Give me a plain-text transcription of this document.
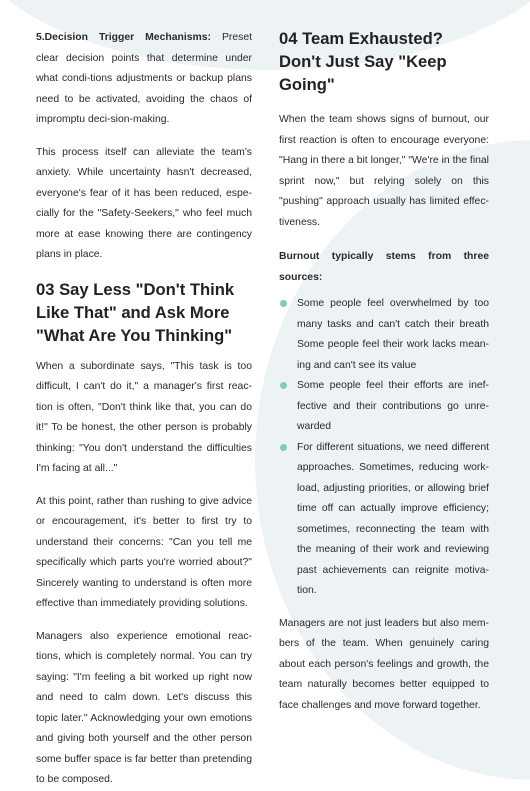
5.Decision Trigger Mechanisms: Preset clear decision points that determine under what condi-tions adjustments or backup plans need to be activated, avoiding the chaos of impromptu deci-sion-making.

This process itself can alleviate the team's anxiety. While uncertainty hasn't decreased, everyone's fear of it has been reduced, espe-cially for the "Safety-Seekers," who feel much more at ease knowing there are contingency plans in place.

03 Say Less "Don't Think Like That" and Ask More "What Are You Thinking"

When a subordinate says, "This task is too difficult, I can't do it," a manager's first reac-tion is often, "Don't think like that, you can do it!" To be honest, the other person is probably thinking: "You don't understand the difficulties I'm facing at all..."

At this point, rather than rushing to give advice or encouragement, it's better to first try to understand their concerns: "Can you tell me specifically which parts you're worried about?" Sincerely wanting to understand is often more effective than immediately providing solutions.

Managers also experience emotional reac-tions, which is completely normal. You can try saying: "I'm feeling a bit worked up right now and need to calm down. Let's discuss this topic later." Acknowledging your own emotions and giving both yourself and the other person some buffer space is far better than pretending to be composed.

04 Team Exhausted? Don't Just Say "Keep Going"

When the team shows signs of burnout, our first reaction is often to encourage everyone: "Hang in there a bit longer," "We're in the final sprint now," but relying solely on this "pushing" approach usually has limited effec-tiveness.

Burnout typically stems from three
sources:
Some people feel overwhelmed by too many tasks and can't catch their breath Some people feel their work lacks mean-ing and can't see its value
Some people feel their efforts are inef-fective and their contributions go unre-warded
For different situations, we need different approaches. Sometimes, reducing work-load, adjusting priorities, or allowing brief time off can actually improve efficiency; sometimes, reconnecting the team with the meaning of their work and reviewing past achievements can reignite motiva-tion.

Managers are not just leaders but also mem-bers of the team. When genuinely caring about each person's feelings and growth, the team naturally becomes better equipped to face challenges and move forward together.
